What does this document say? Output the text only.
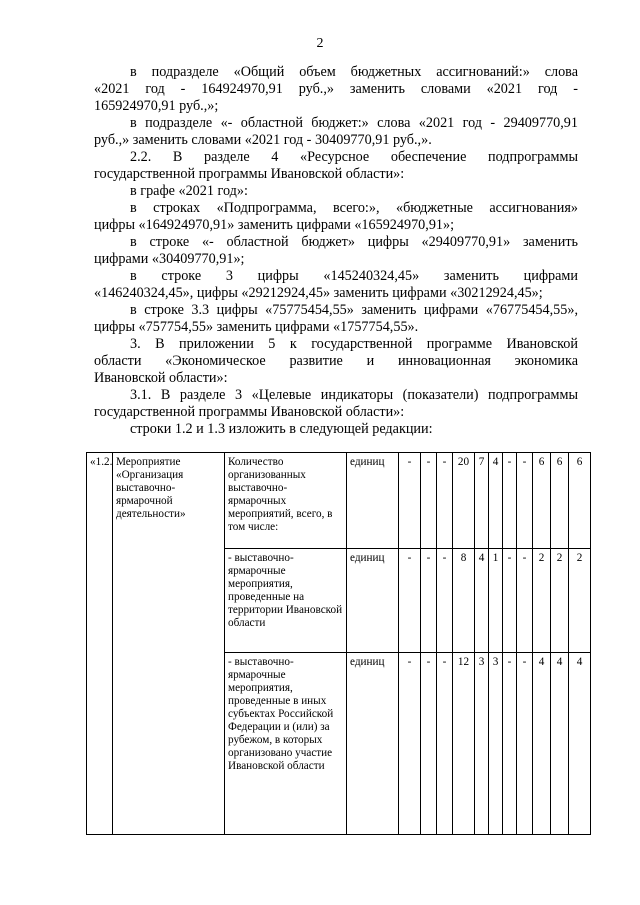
2
в подразделе «Общий объем бюджетных ассигнований:» слова
«2021 год - 164924970,91 руб.,» заменить словами «2021 год -
165924970,91 руб.,»;
в подразделе «- областной бюджет:» слова «2021 год - 29409770,91
руб.,» заменить словами «2021 год - 30409770,91 руб.,».
2.2. В разделе 4 «Ресурсное обеспечение подпрограммы
государственной программы Ивановской области»:
в графе «2021 год»:
в строках «Подпрограмма, всего:», «бюджетные ассигнования»
цифры «164924970,91» заменить цифрами «165924970,91»;
в строке «- областной бюджет» цифры «29409770,91» заменить
цифрами «30409770,91»;
в строке 3 цифры «145240324,45» заменить цифрами
«146240324,45», цифры «29212924,45» заменить цифрами «30212924,45»;
в строке 3.3 цифры «75775454,55» заменить цифрами «76775454,55»,
цифры «757754,55» заменить цифрами «1757754,55».
3. В приложении 5 к государственной программе Ивановской
области «Экономическое развитие и инновационная экономика
Ивановской области»:
3.1. В разделе 3 «Целевые индикаторы (показатели) подпрограммы
государственной программы Ивановской области»:
строки 1.2 и 1.3 изложить в следующей редакции:
«1.2.	Мероприятие «Организация выставочно-ярмарочной деятельности»	Количество организованных выставочно-ярмарочных мероприятий, всего, в том числе:	единиц	-	-	-	20	7	4	-	-	6	6	6
		- выставочно-ярмарочные мероприятия, проведенные на территории Ивановской области	единиц	-	-	-	8	4	1	-	-	2	2	2
		- выставочно-ярмарочные мероприятия, проведенные в иных субъектах Российской Федерации и (или) за рубежом, в которых организовано участие Ивановской области	единиц	-	-	-	12	3	3	-	-	4	4	4
